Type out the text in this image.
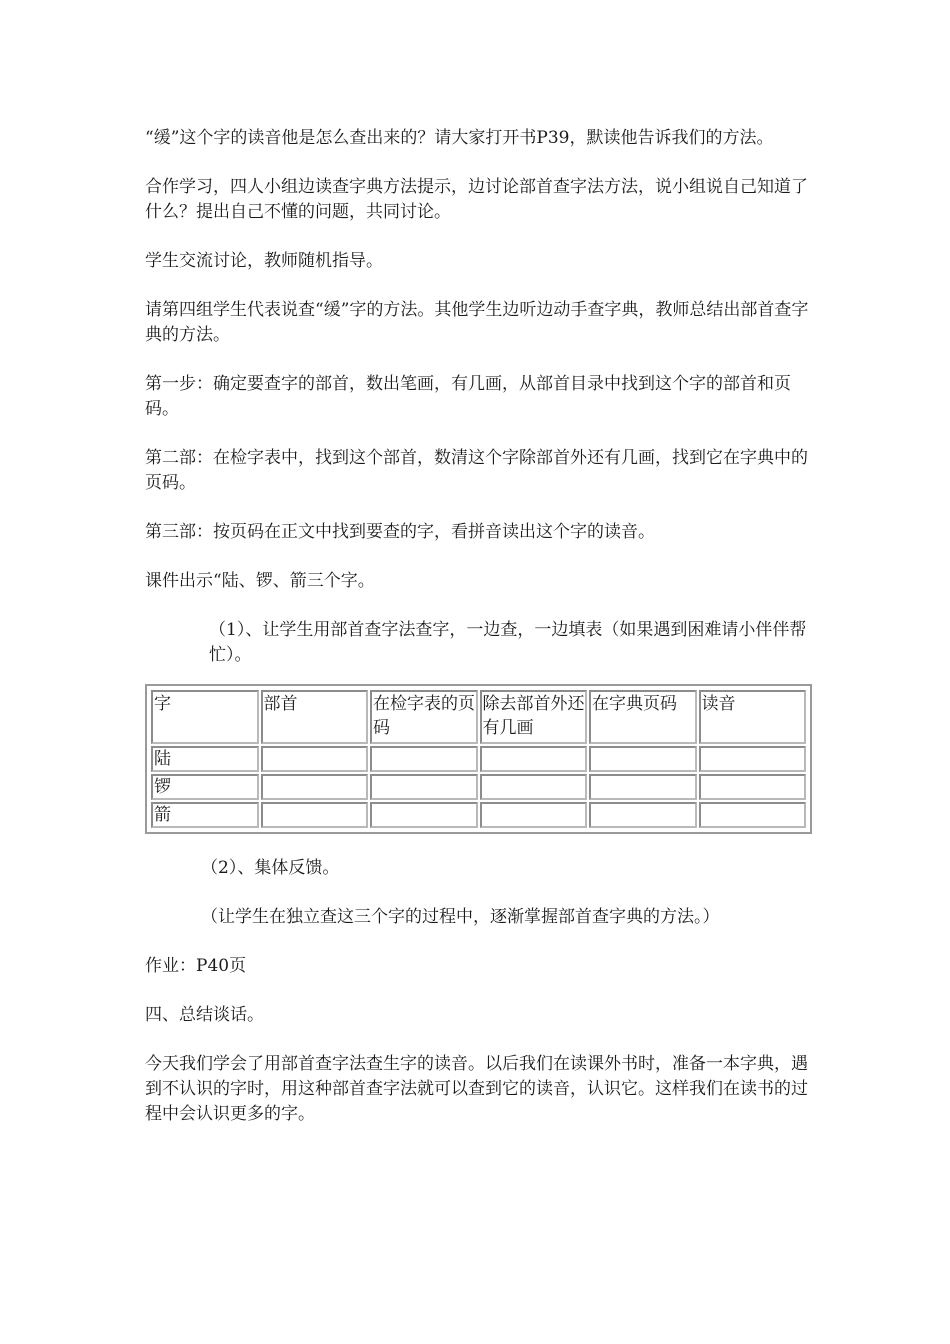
“缓”这个字的读音他是怎么查出来的？请大家打开书P39，默读他告诉我们的方法。

合作学习，四人小组边读查字典方法提示，边讨论部首查字法方法，说小组说自己知道了什么？提出自己不懂的问题，共同讨论。

学生交流讨论，教师随机指导。

请第四组学生代表说查“缓”字的方法。其他学生边听边动手查字典，教师总结出部首查字典的方法。

第一步：确定要查字的部首，数出笔画，有几画，从部首目录中找到这个字的部首和页码。

第二部：在检字表中，找到这个部首，数清这个字除部首外还有几画，找到它在字典中的页码。

第三部：按页码在正文中找到要查的字，看拼音读出这个字的读音。

课件出示“陆、锣、箭三个字。

（1）、让学生用部首查字法查字，一边查，一边填表（如果遇到困难请小伴伴帮忙）。

字	部首	在检字表的页码	除去部首外还有几画	在字典页码	读音
陆					
锣					
箭					

（2）、集体反馈。

（让学生在独立查这三个字的过程中，逐渐掌握部首查字典的方法。）

作业：P40页

四、总结谈话。

今天我们学会了用部首查字法查生字的读音。以后我们在读课外书时，准备一本字典，遇到不认识的字时，用这种部首查字法就可以查到它的读音，认识它。这样我们在读书的过程中会认识更多的字。
